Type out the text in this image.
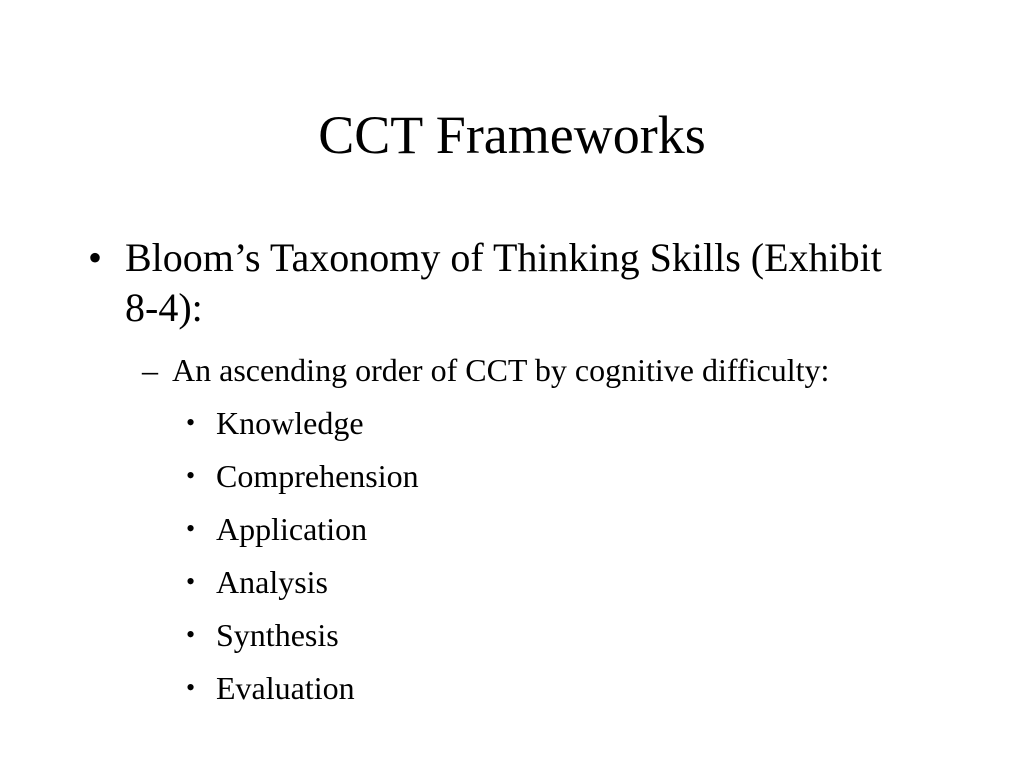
CCT Frameworks
• Bloom’s Taxonomy of Thinking Skills (Exhibit 8-4):
– An ascending order of CCT by cognitive difficulty:
• Knowledge
• Comprehension
• Application
• Analysis
• Synthesis
• Evaluation
